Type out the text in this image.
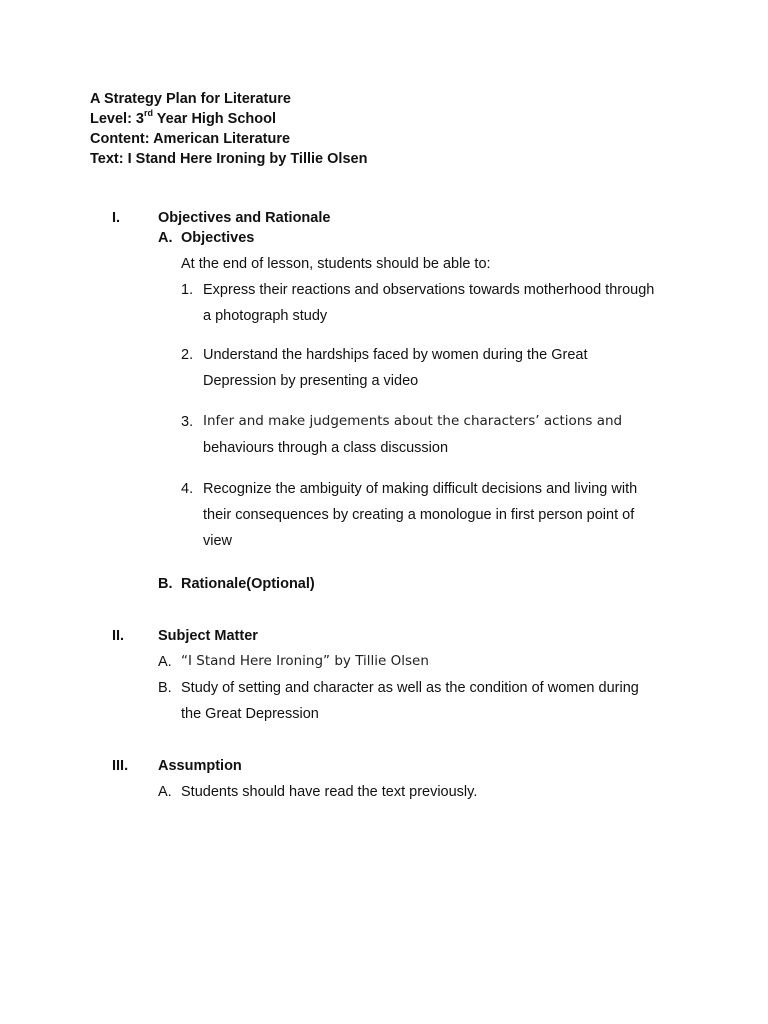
A Strategy Plan for Literature
Level: 3rd Year High School
Content: American Literature
Text: I Stand Here Ironing by Tillie Olsen
I.	Objectives and Rationale
A. Objectives
At the end of lesson, students should be able to:
1. Express their reactions and observations towards motherhood through
a photograph study
2. Understand the hardships faced by women during the Great
Depression by presenting a video
3. Infer and make judgements about the characters’ actions and
behaviours through a class discussion
4. Recognize the ambiguity of making difficult decisions and living with
their consequences by creating a monologue in first person point of
view
B. Rationale(Optional)
II. Subject Matter
A. “I Stand Here Ironing” by Tillie Olsen
B. Study of setting and character as well as the condition of women during
the Great Depression
III. Assumption
A. Students should have read the text previously.
